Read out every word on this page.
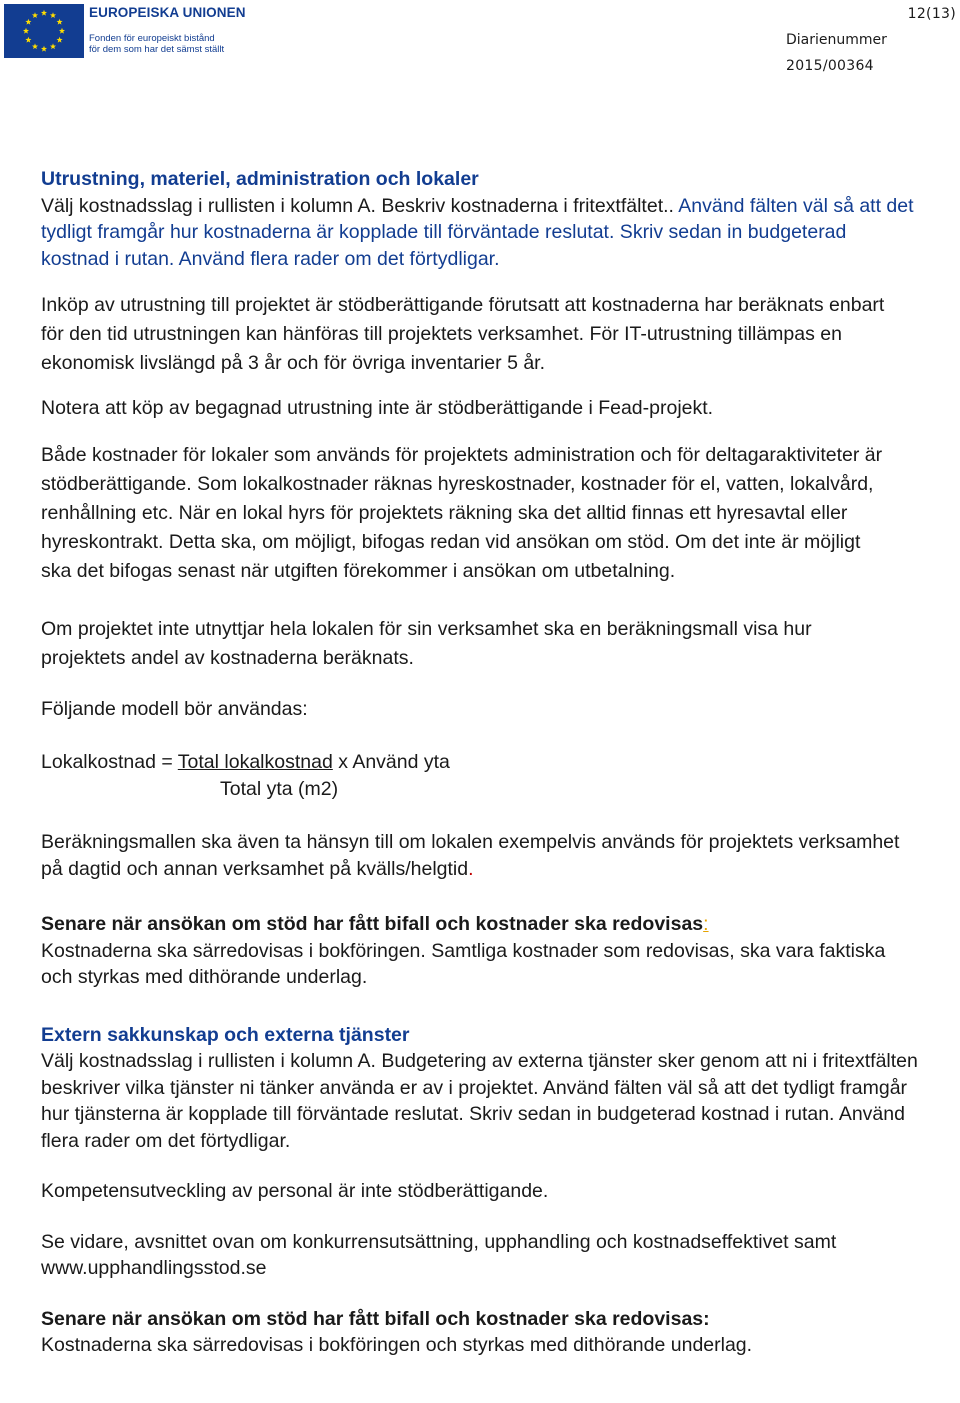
EUROPEISKA UNIONEN
Fonden för europeiskt bistånd
för dem som har det sämst ställt
12(13)
Diarienummer
2015/00364
Utrustning, materiel, administration och lokaler
Välj kostnadsslag i rullisten i kolumn A. Beskriv kostnaderna i fritextfältet.. Använd fälten väl så att det tydligt framgår hur kostnaderna är kopplade till förväntade reslutat. Skriv sedan in budgeterad kostnad i rutan. Använd flera rader om det förtydligar.
Inköp av utrustning till projektet är stödberättigande förutsatt att kostnaderna har beräknats enbart för den tid utrustningen kan hänföras till projektets verksamhet. För IT-utrustning tillämpas en ekonomisk livslängd på 3 år och för övriga inventarier 5 år.
Notera att köp av begagnad utrustning inte är stödberättigande i Fead-projekt.
Både kostnader för lokaler som används för projektets administration och för deltagaraktiviteter är stödberättigande. Som lokalkostnader räknas hyreskostnader, kostnader för el, vatten, lokalvård, renhållning etc. När en lokal hyrs för projektets räkning ska det alltid finnas ett hyresavtal eller hyreskontrakt. Detta ska, om möjligt, bifogas redan vid ansökan om stöd. Om det inte är möjligt ska det bifogas senast när utgiften förekommer i ansökan om utbetalning.
Om projektet inte utnyttjar hela lokalen för sin verksamhet ska en beräkningsmall visa hur projektets andel av kostnaderna beräknats.
Följande modell bör användas:
Lokalkostnad = Total lokalkostnad x Använd yta
Total yta (m2)
Beräkningsmallen ska även ta hänsyn till om lokalen exempelvis används för projektets verksamhet på dagtid och annan verksamhet på kvälls/helgtid.
Senare när ansökan om stöd har fått bifall och kostnader ska redovisas:
Kostnaderna ska särredovisas i bokföringen. Samtliga kostnader som redovisas, ska vara faktiska och styrkas med dithörande underlag.
Extern sakkunskap och externa tjänster
Välj kostnadsslag i rullisten i kolumn A. Budgetering av externa tjänster sker genom att ni i fritextfälten beskriver vilka tjänster ni tänker använda er av i projektet. Använd fälten väl så att det tydligt framgår hur tjänsterna är kopplade till förväntade reslutat. Skriv sedan in budgeterad kostnad i rutan. Använd flera rader om det förtydligar.
Kompetensutveckling av personal är inte stödberättigande.
Se vidare, avsnittet ovan om konkurrensutsättning, upphandling och kostnadseffektivet samt www.upphandlingsstod.se
Senare när ansökan om stöd har fått bifall och kostnader ska redovisas:
Kostnaderna ska särredovisas i bokföringen och styrkas med dithörande underlag.
